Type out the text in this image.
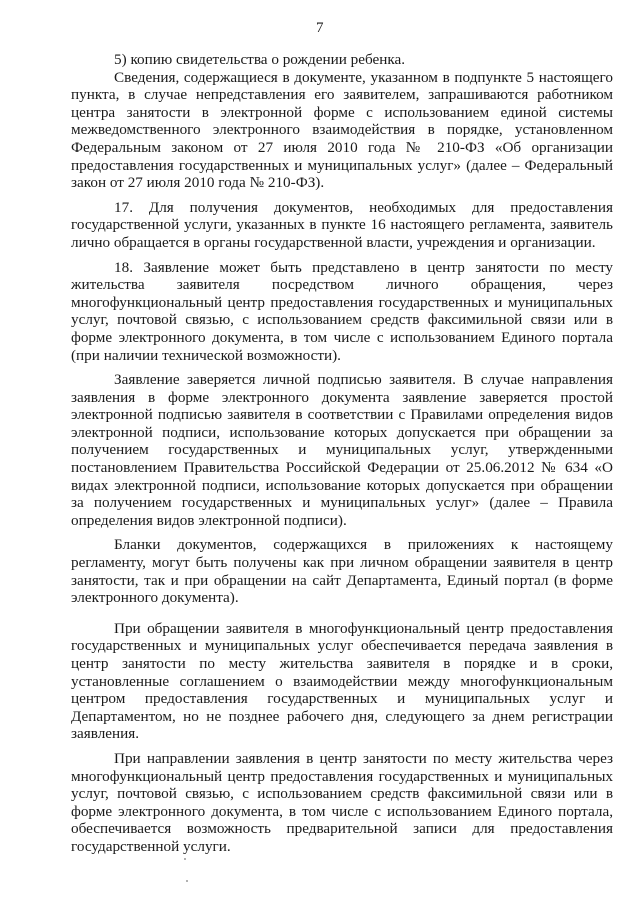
7

5) копию свидетельства о рождении ребенка.

Сведения, содержащиеся в документе, указанном в подпункте 5 настоящего пункта, в случае непредставления его заявителем, запрашиваются работником центра занятости в электронной форме с использованием единой системы межведомственного электронного взаимодействия в порядке, установленном Федеральным законом от 27 июля 2010 года № 210-ФЗ «Об организации предоставления государственных и муниципальных услуг» (далее – Федеральный закон от 27 июля 2010 года № 210-ФЗ).

17. Для получения документов, необходимых для предоставления государственной услуги, указанных в пункте 16 настоящего регламента, заявитель лично обращается в органы государственной власти, учреждения и организации.

18. Заявление может быть представлено в центр занятости по месту жительства заявителя посредством личного обращения, через многофункциональный центр предоставления государственных и муниципальных услуг, почтовой связью, с использованием средств факсимильной связи или в форме электронного документа, в том числе с использованием Единого портала (при наличии технической возможности).

Заявление заверяется личной подписью заявителя. В случае направления заявления в форме электронного документа заявление заверяется простой электронной подписью заявителя в соответствии с Правилами определения видов электронной подписи, использование которых допускается при обращении за получением государственных и муниципальных услуг, утвержденными постановлением Правительства Российской Федерации от 25.06.2012 № 634 «О видах электронной подписи, использование которых допускается при обращении за получением государственных и муниципальных услуг» (далее – Правила определения видов электронной подписи).

Бланки документов, содержащихся в приложениях к настоящему регламенту, могут быть получены как при личном обращении заявителя в центр занятости, так и при обращении на сайт Департамента, Единый портал (в форме электронного документа).

При обращении заявителя в многофункциональный центр предоставления государственных и муниципальных услуг обеспечивается передача заявления в центр занятости по месту жительства заявителя в порядке и в сроки, установленные соглашением о взаимодействии между многофункциональным центром предоставления государственных и муниципальных услуг и Департаментом, но не позднее рабочего дня, следующего за днем регистрации заявления.

При направлении заявления в центр занятости по месту жительства через многофункциональный центр предоставления государственных и муниципальных услуг, почтовой связью, с использованием средств факсимильной связи или в форме электронного документа, в том числе с использованием Единого портала, обеспечивается возможность предварительной записи для предоставления государственной услуги.
